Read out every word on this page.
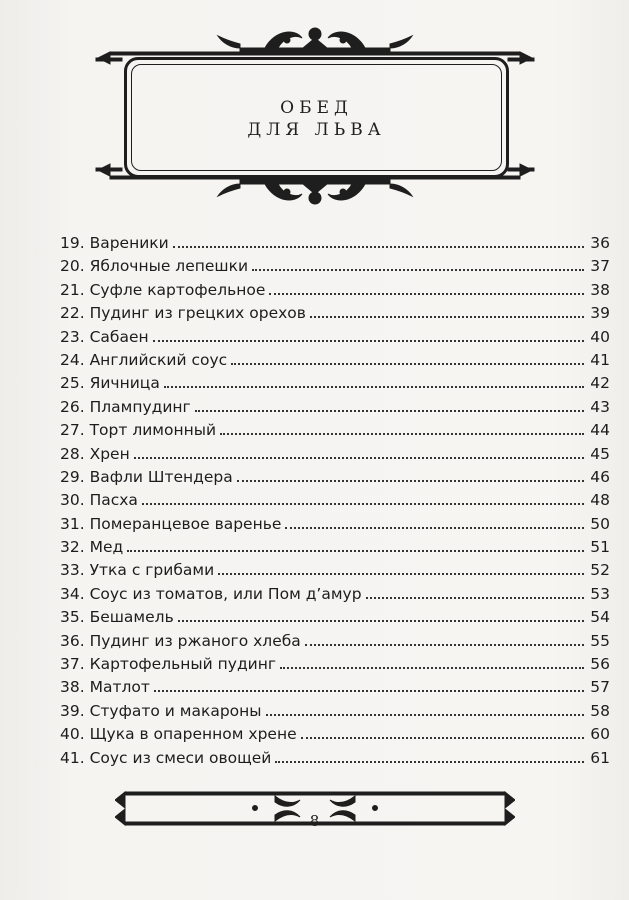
ОБЕД
ДЛЯ ЛЬВА
19. Вареники	36
20. Яблочные лепешки	37
21. Суфле картофельное	38
22. Пудинг из грецких орехов	39
23. Сабаен	40
24. Английский соус	41
25. Яичница	42
26. Плампудинг	43
27. Торт лимонный	44
28. Хрен	45
29. Вафли Штендера	46
30. Пасха	48
31. Померанцевое варенье	50
32. Мед	51
33. Утка с грибами	52
34. Соус из томатов, или Пом д’амур	53
35. Бешамель	54
36. Пудинг из ржаного хлеба	55
37. Картофельный пудинг	56
38. Матлот	57
39. Стуфато и макароны	58
40. Щука в опаренном хрене	60
41. Соус из смеси овощей	61
8
